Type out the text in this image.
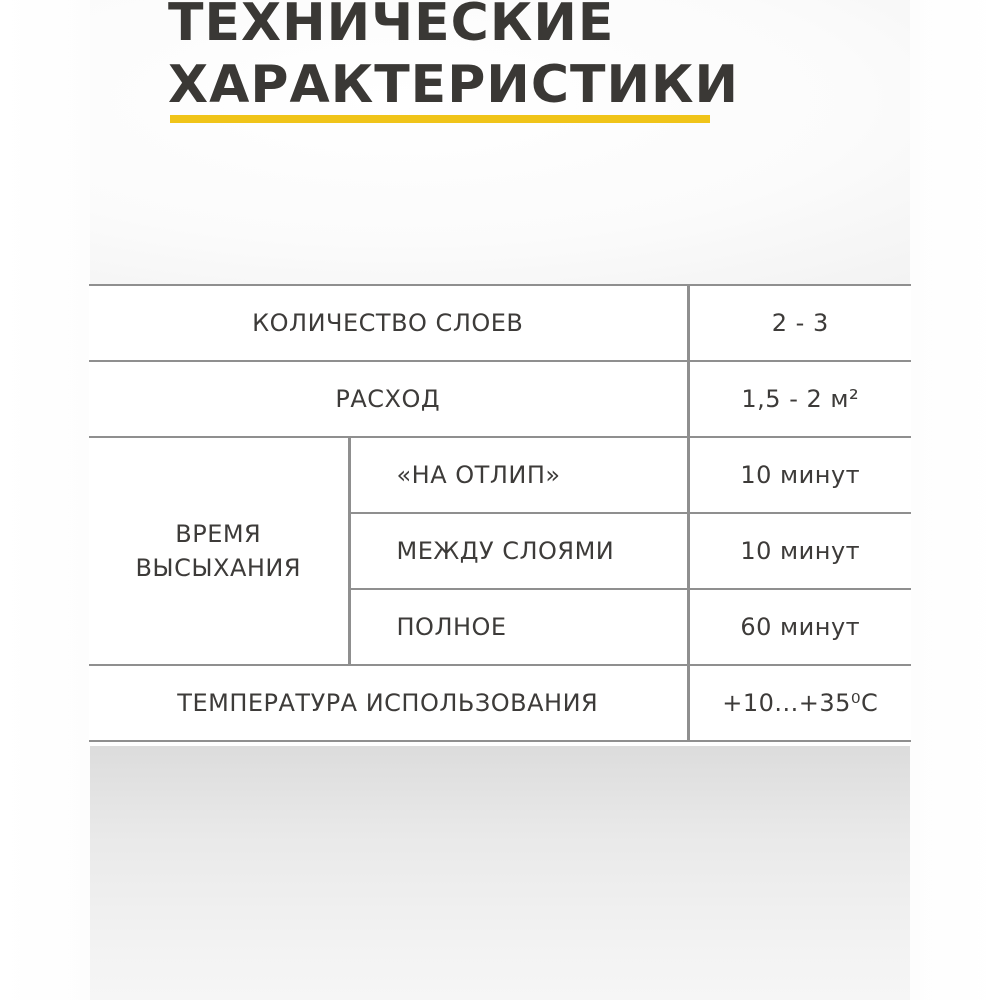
ТЕХНИЧЕСКИЕ
ХАРАКТЕРИСТИКИ
КОЛИЧЕСТВО СЛОЕВ		2 - 3
РАСХОД		1,5 - 2 м²

ВРЕМЯ
ВЫСЫХАНИЯ	«НА ОТЛИП»	10 минут
	МЕЖДУ СЛОЯМИ	10 минут
	ПОЛНОЕ	60 минут
ТЕМПЕРАТУРА ИСПОЛЬЗОВАНИЯ		+10...+35⁰С
